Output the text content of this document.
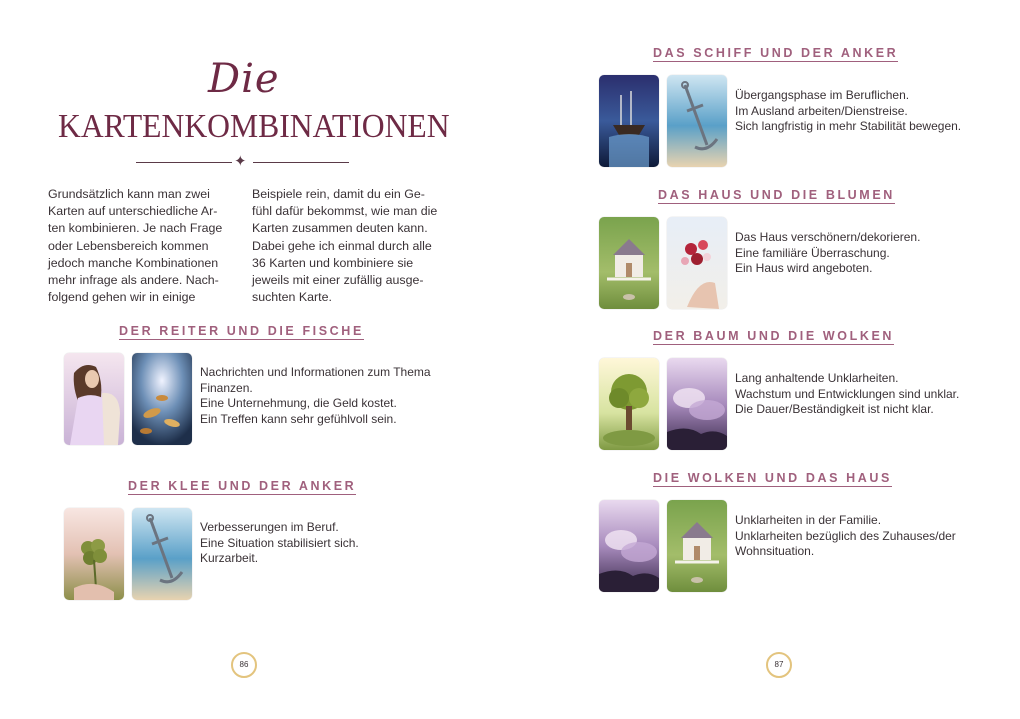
Die
KARTENKOMBINATIONEN
✦
Grundsätzlich kann man zwei
Karten auf unterschiedliche Ar-
ten kombinieren. Je nach Frage
oder Lebensbereich kommen
jedoch manche Kombinationen
mehr infrage als andere. Nach-
folgend gehen wir in einige
Beispiele rein, damit du ein Ge-
fühl dafür bekommst, wie man die
Karten zusammen deuten kann.
Dabei gehe ich einmal durch alle
36 Karten und kombiniere sie
jeweils mit einer zufällig ausge-
suchten Karte.
DER REITER UND DIE FISCHE
Nachrichten und Informationen zum Thema
Finanzen.
Eine Unternehmung, die Geld kostet.
Ein Treffen kann sehr gefühlvoll sein.
DER KLEE UND DER ANKER
Verbesserungen im Beruf.
Eine Situation stabilisiert sich.
Kurzarbeit.
86
DAS SCHIFF UND DER ANKER
Übergangsphase im Beruflichen.
Im Ausland arbeiten/Dienstreise.
Sich langfristig in mehr Stabilität bewegen.
DAS HAUS UND DIE BLUMEN
Das Haus verschönern/dekorieren.
Eine familiäre Überraschung.
Ein Haus wird angeboten.
DER BAUM UND DIE WOLKEN
Lang anhaltende Unklarheiten.
Wachstum und Entwicklungen sind unklar.
Die Dauer/Beständigkeit ist nicht klar.
DIE WOLKEN UND DAS HAUS
Unklarheiten in der Familie.
Unklarheiten bezüglich des Zuhauses/der
Wohnsituation.
87
